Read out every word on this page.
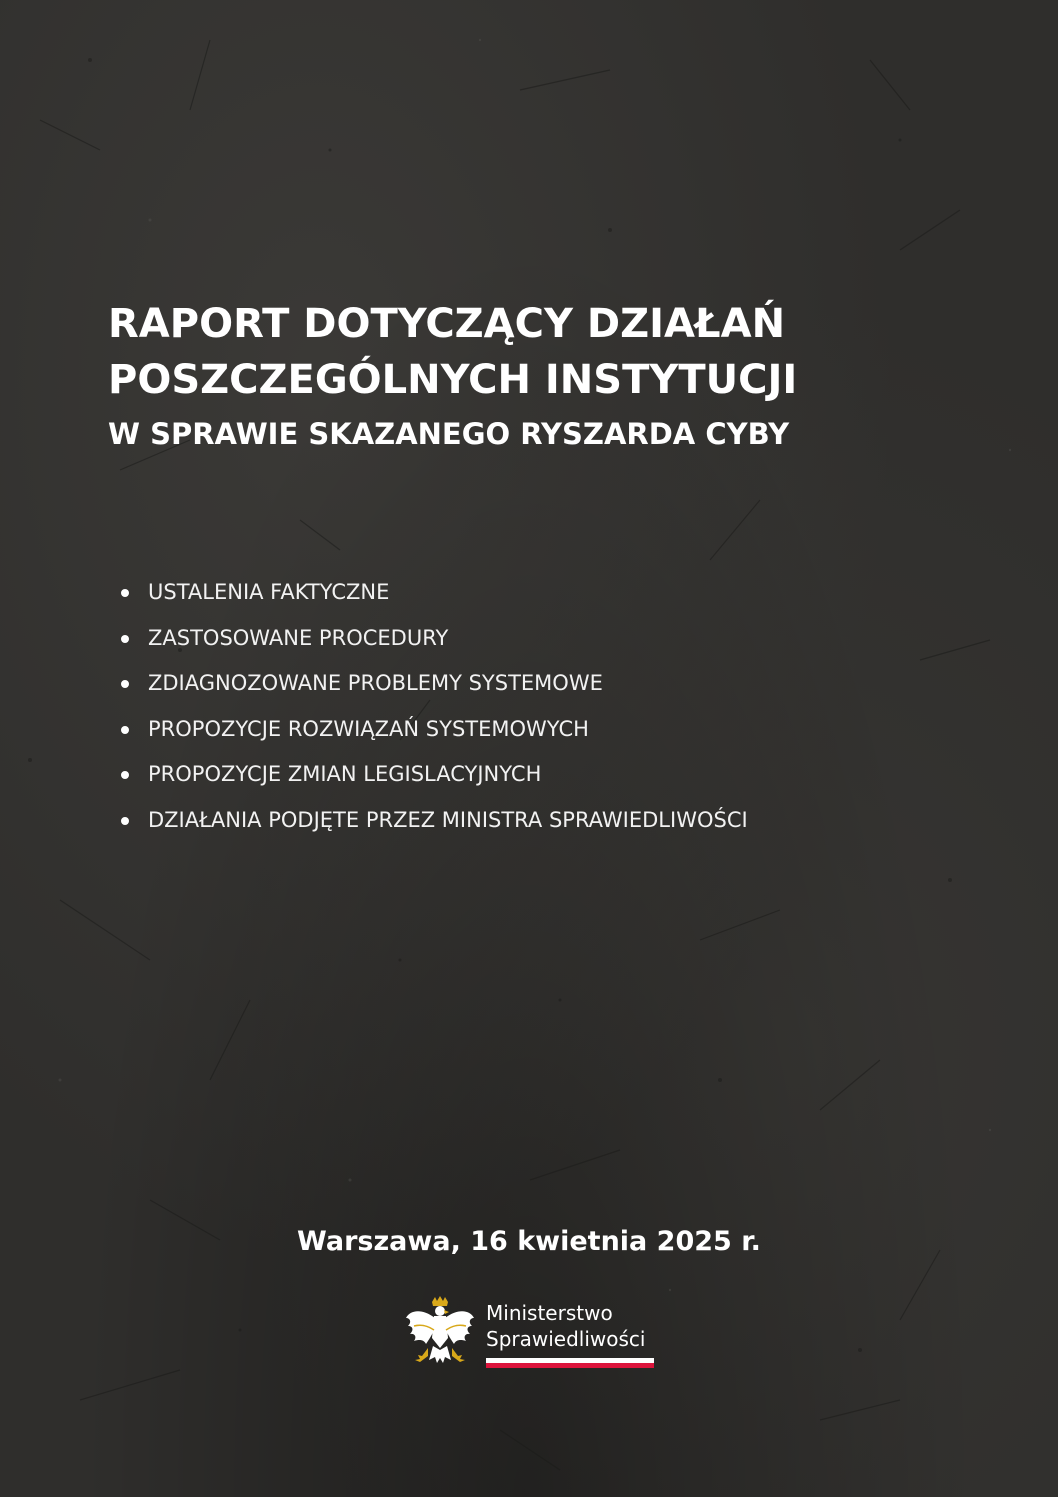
RAPORT DOTYCZĄCY DZIAŁAŃ
POSZCZEGÓLNYCH INSTYTUCJI
W SPRAWIE SKAZANEGO RYSZARDA CYBY
USTALENIA FAKTYCZNE
ZASTOSOWANE PROCEDURY
ZDIAGNOZOWANE PROBLEMY SYSTEMOWE
PROPOZYCJE ROZWIĄZAŃ SYSTEMOWYCH
PROPOZYCJE ZMIAN LEGISLACYJNYCH
DZIAŁANIA PODJĘTE PRZEZ MINISTRA SPRAWIEDLIWOŚCI
Warszawa, 16 kwietnia 2025 r.
Ministerstwo
Sprawiedliwości
